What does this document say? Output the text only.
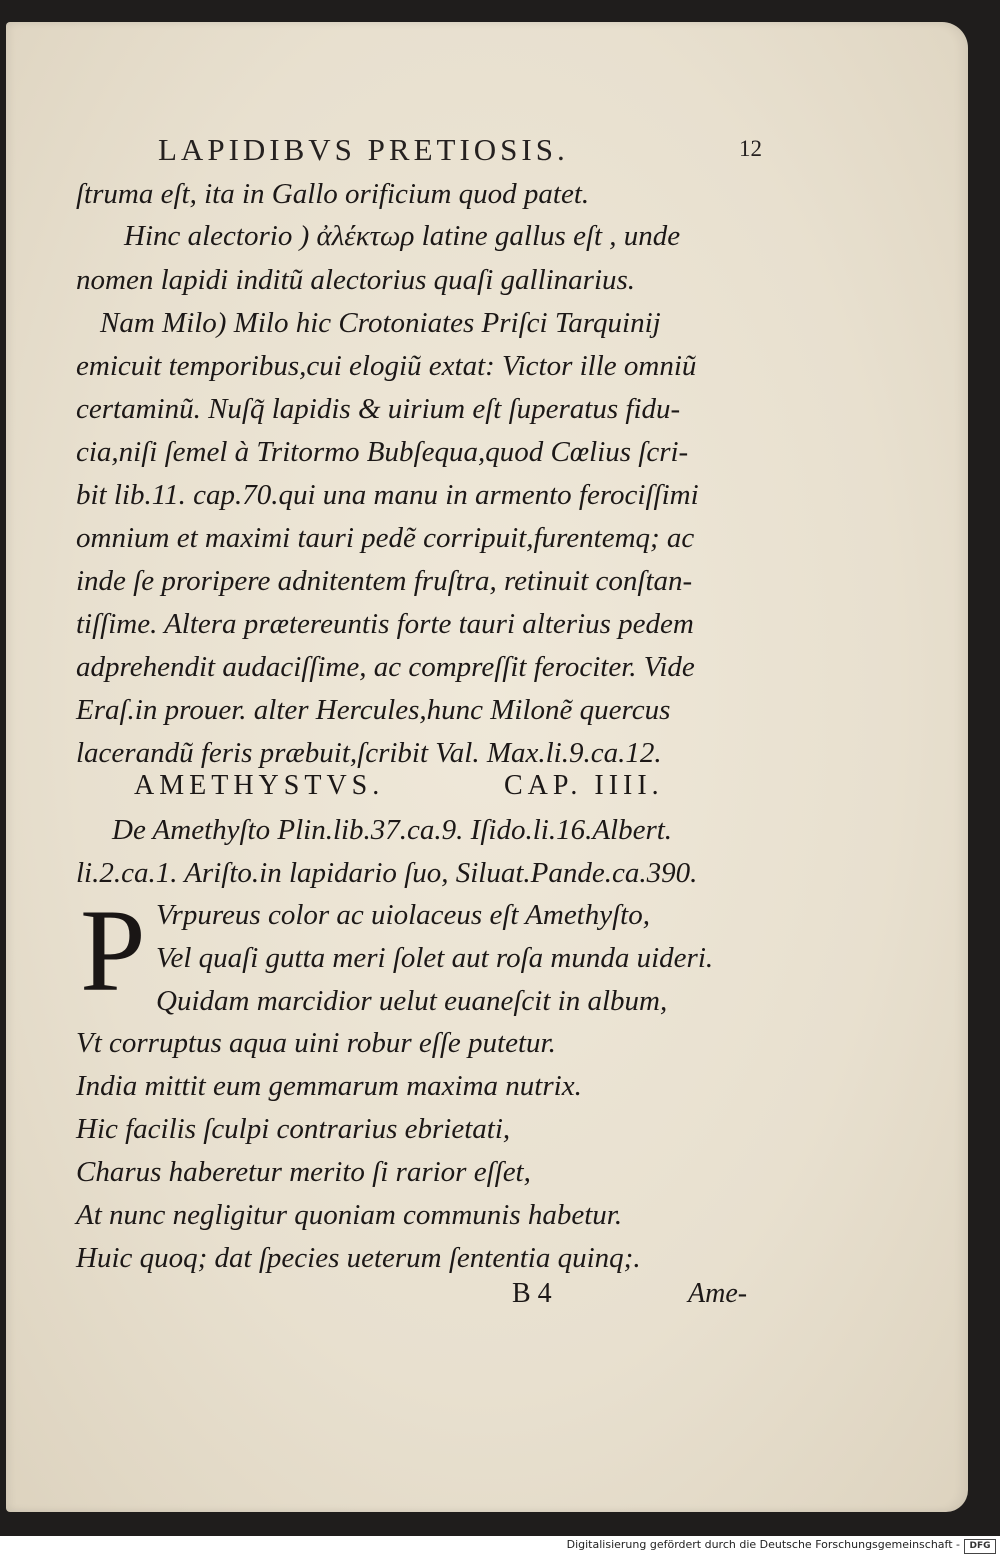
LAPIDIBVS PRETIOSIS.	12
ſtruma eſt, ita in Gallo orificium quod patet.
Hinc alectorio ) ἀλέκτωρ latine gallus eſt , unde
nomen lapidi inditũ alectorius quaſi gallinarius.
Nam Milo) Milo hic Crotoniates Priſci Tarquinij
emicuit temporibus,cui elogiũ extat: Victor ille omniũ
certaminũ. Nuſq̃ lapidis & uirium eſt ſuperatus fidu-
cia,niſi ſemel à Tritormo Bubſequa,quod Cœlius ſcri-
bit lib.11. cap.70.qui una manu in armento ferociſſimi
omnium et maximi tauri pedẽ corripuit,furentemq; ac
inde ſe proripere adnitentem fruſtra, retinuit conſtan-
tiſſime. Altera prætereuntis forte tauri alterius pedem
adprehendit audaciſſime, ac compreſſit ferociter. Vide
Eraſ.in prouer. alter Hercules,hunc Milonẽ quercus
lacerandũ feris præbuit,ſcribit Val. Max.li.9.ca.12.
AMETHYSTVS.	CAP. IIII.
De Amethyſto Plin.lib.37.ca.9. Iſido.li.16.Albert.
li.2.ca.1. Ariſto.in lapidario ſuo, Siluat.Pande.ca.390.
P Vrpureus color ac uiolaceus eſt Amethyſto,
Vel quaſi gutta meri ſolet aut roſa munda uideri.
Quidam marcidior uelut euaneſcit in album,
Vt corruptus aqua uini robur eſſe putetur.
India mittit eum gemmarum maxima nutrix.
Hic facilis ſculpi contrarius ebrietati,
Charus haberetur merito ſi rarior eſſet,
At nunc negligitur quoniam communis habetur.
Huic quoq; dat ſpecies ueterum ſententia quinq;.
B 4	Ame-
Digitalisierung gefördert durch die Deutsche Forschungsgemeinschaft -	DFG
